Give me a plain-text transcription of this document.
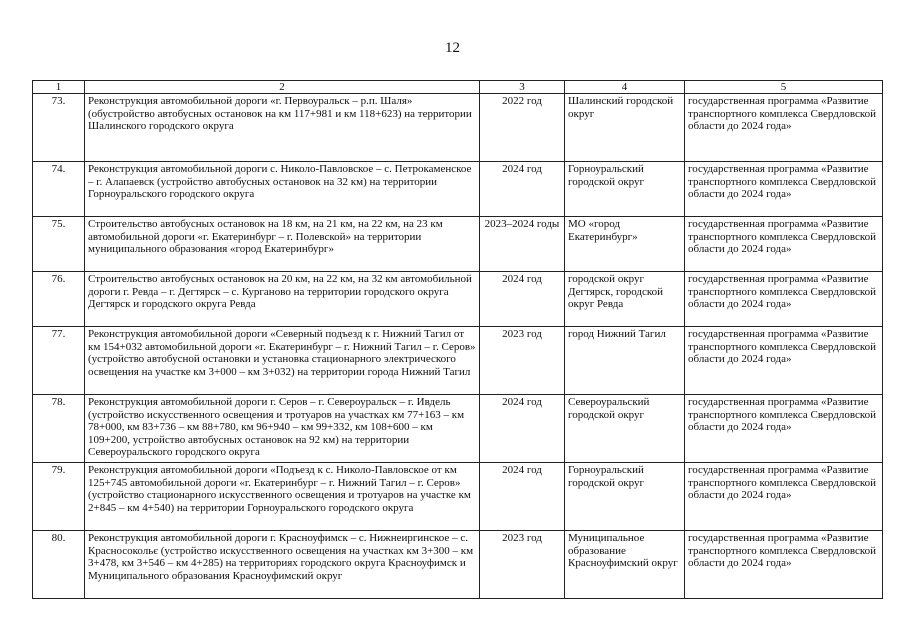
12
1	2	3	4	5
73.	Реконструкция автомобильной дороги «г. Первоуральск – р.п. Шаля» (обустройство автобусных остановок на км 117+981 и км 118+623) на территории Шалинского городского округа	2022 год	Шалинский городской округ	государственная программа «Развитие транспортного комплекса Свердловской области до 2024 года»
74.	Реконструкция автомобильной дороги с. Николо-Павловское – с. Петрокаменское – г. Алапаевск (устройство автобусных остановок на 32 км) на территории Горноуральского городского округа	2024 год	Горноуральский городской округ	государственная программа «Развитие транспортного комплекса Свердловской области до 2024 года»
75.	Строительство автобусных остановок на 18 км, на 21 км, на 22 км, на 23 км автомобильной дороги «г. Екатеринбург – г. Полевской» на территории муниципального образования «город Екатеринбург»	2023–2024 годы	МО «город Екатеринбург»	государственная программа «Развитие транспортного комплекса Свердловской области до 2024 года»
76.	Строительство автобусных остановок на 20 км, на 22 км, на 32 км автомобильной дороги г. Ревда – г. Дегтярск – с. Курганово на территории городского округа Дегтярск и городского округа Ревда	2024 год	городской округ Дегтярск, городской округ Ревда	государственная программа «Развитие транспортного комплекса Свердловской области до 2024 года»
77.	Реконструкция автомобильной дороги «Северный подъезд к г. Нижний Тагил от км 154+032 автомобильной дороги «г. Екатеринбург – г. Нижний Тагил – г. Серов» (устройство автобусной остановки и установка стационарного электрического освещения на участке км 3+000 – км 3+032) на территории города Нижний Тагил	2023 год	город Нижний Тагил	государственная программа «Развитие транспортного комплекса Свердловской области до 2024 года»
78.	Реконструкция автомобильной дороги г. Серов – г. Североуральск – г. Ивдель (устройство искусственного освещения и тротуаров на участках км 77+163 – км 78+000, км 83+736 – км 88+780, км 96+940 – км 99+332, км 108+600 – км 109+200, устройство автобусных остановок на 92 км) на территории Североуральского городского округа	2024 год	Североуральский городской округ	государственная программа «Развитие транспортного комплекса Свердловской области до 2024 года»
79.	Реконструкция автомобильной дороги «Подъезд к с. Николо-Павловское от км 125+745 автомобильной дороги «г. Екатеринбург – г. Нижний Тагил – г. Серов» (устройство стационарного искусственного освещения и тротуаров на участке км 2+845 – км 4+540) на территории Горноуральского городского округа	2024 год	Горноуральский городской округ	государственная программа «Развитие транспортного комплекса Свердловской области до 2024 года»
80.	Реконструкция автомобильной дороги г. Красноуфимск – с. Нижнеиргинское – с. Красносокольє (устройство искусственного освещения на участках км 3+300 – км 3+478, км 3+546 – км 4+285) на территориях городского округа Красноуфимск и Муниципального образования Красноуфимский округ	2023 год	Муниципальное образование Красноуфимский округ	государственная программа «Развитие транспортного комплекса Свердловской области до 2024 года»
